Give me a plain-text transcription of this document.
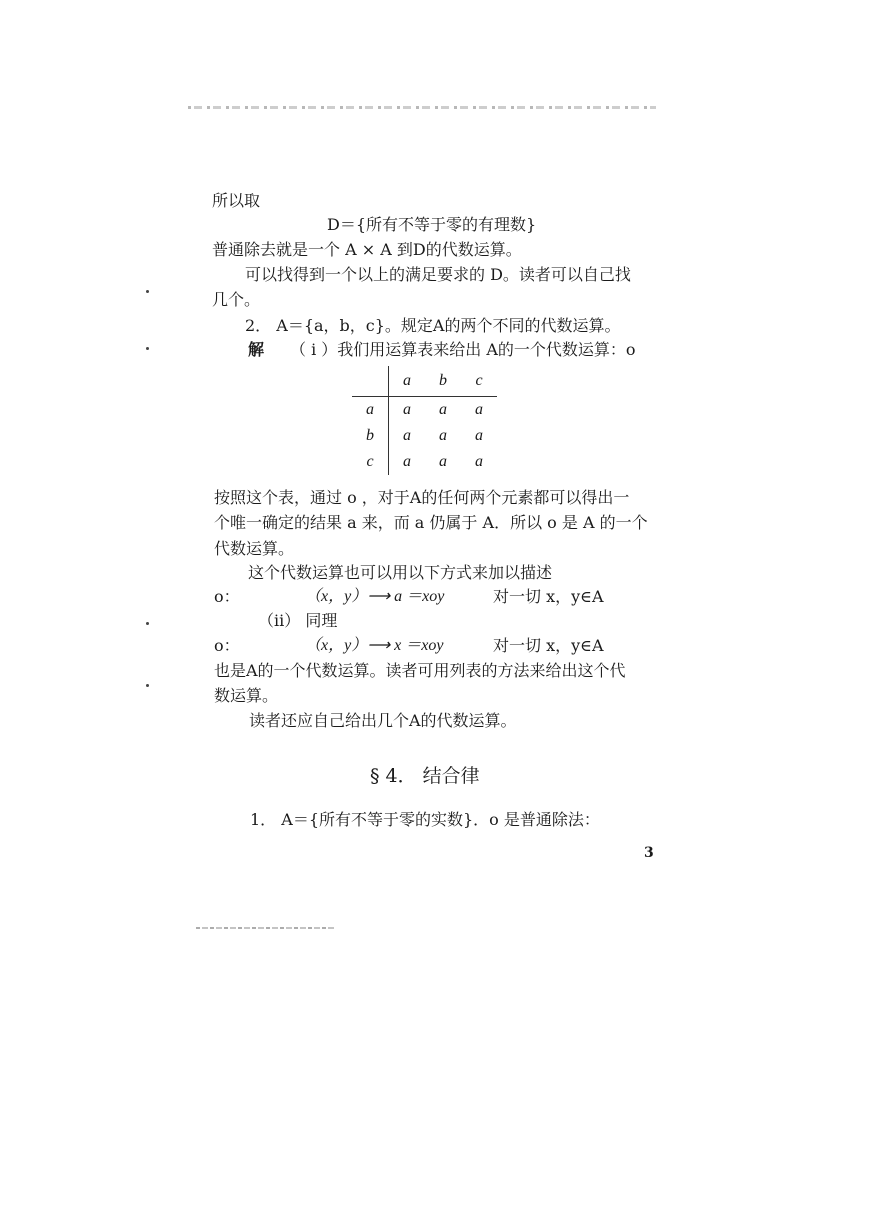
所以取
D＝{所有不等于零的有理数}
普通除去就是一个 A × A 到D的代数运算。
可以找得到一个以上的满足要求的 D。读者可以自己找
几个。
2． A＝{a，b，c}。规定A的两个不同的代数运算。
解 （ i ）我们用运算表来给出 A的一个代数运算：o
	a	b	c
a	a	a	a
b	a	a	a
c	a	a	a
按照这个表，通过 o ，对于A的任何两个元素都可以得出一
个唯一确定的结果 a 来，而 a 仍属于 A．所以 o 是 A 的一个
代数运算。
这个代数运算也可以用以下方式来加以描述
o：	（x，y）⟶ a ＝xoy	对一切 x，y∈A
（ii） 同理
o：	（x，y）⟶ x ＝xoy	对一切 x，y∈A
也是A的一个代数运算。读者可用列表的方法来给出这个代
数运算。
读者还应自己给出几个A的代数运算。
§ 4． 结合律
1． A＝{所有不等于零的实数}．o 是普通除法：
3
